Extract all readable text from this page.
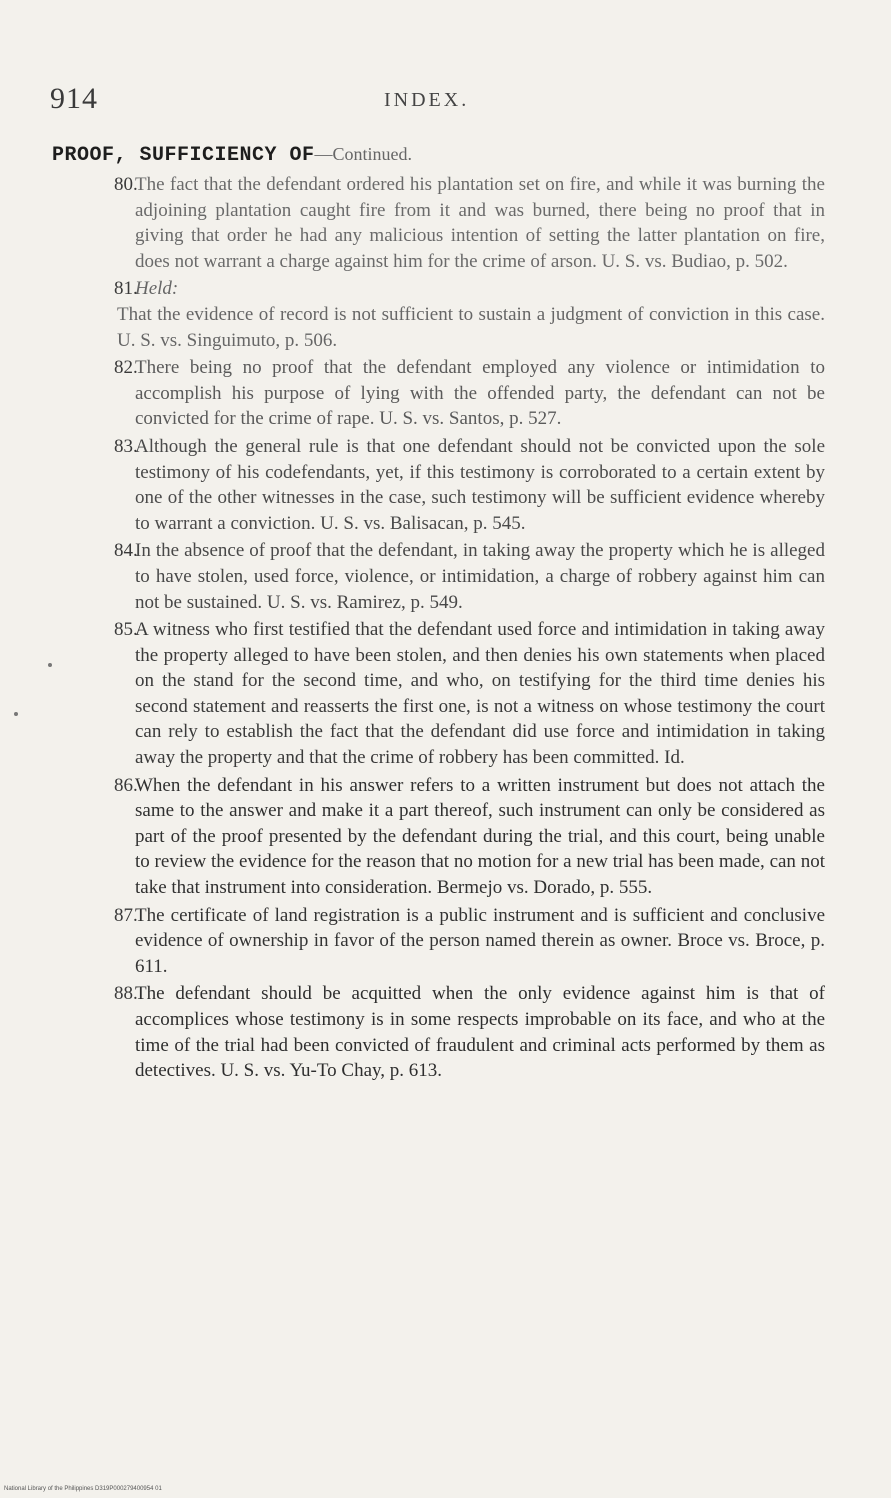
914	INDEX.
PROOF, SUFFICIENCY OF—Continued.
80.
The fact that the defendant ordered his plantation set on fire, and while it was burning the adjoining plantation caught fire from it and was burned, there being no proof that in giving that order he had any malicious intention of setting the latter plantation on fire, does not warrant a charge against him for the crime of arson. U. S. vs. Budiao, p. 502.
81.
Held:
That the evidence of record is not sufficient to sustain a judgment of conviction in this case. U. S. vs. Singuimuto, p. 506.
82.
There being no proof that the defendant employed any violence or intimidation to accomplish his purpose of lying with the offended party, the defendant can not be convicted for the crime of rape. U. S. vs. Santos, p. 527.
83.
Although the general rule is that one defendant should not be convicted upon the sole testimony of his codefendants, yet, if this testimony is corroborated to a certain extent by one of the other witnesses in the case, such testimony will be sufficient evidence whereby to warrant a conviction. U. S. vs. Balisacan, p. 545.
84.
In the absence of proof that the defendant, in taking away the property which he is alleged to have stolen, used force, violence, or intimidation, a charge of robbery against him can not be sustained. U. S. vs. Ramirez, p. 549.
85.
A witness who first testified that the defendant used force and intimidation in taking away the property alleged to have been stolen, and then denies his own statements when placed on the stand for the second time, and who, on testifying for the third time denies his second statement and reasserts the first one, is not a witness on whose testimony the court can rely to establish the fact that the defendant did use force and intimidation in taking away the property and that the crime of robbery has been committed. Id.
86.
When the defendant in his answer refers to a written instrument but does not attach the same to the answer and make it a part thereof, such instrument can only be considered as part of the proof presented by the defendant during the trial, and this court, being unable to review the evidence for the reason that no motion for a new trial has been made, can not take that instrument into consideration. Bermejo vs. Dorado, p. 555.
87.
The certificate of land registration is a public instrument and is sufficient and conclusive evidence of ownership in favor of the person named therein as owner. Broce vs. Broce, p. 611.
88.
The defendant should be acquitted when the only evidence against him is that of accomplices whose testimony is in some respects improbable on its face, and who at the time of the trial had been convicted of fraudulent and criminal acts performed by them as detectives. U. S. vs. Yu-To Chay, p. 613.
National Library of the Philippines D319P000279400954 01
